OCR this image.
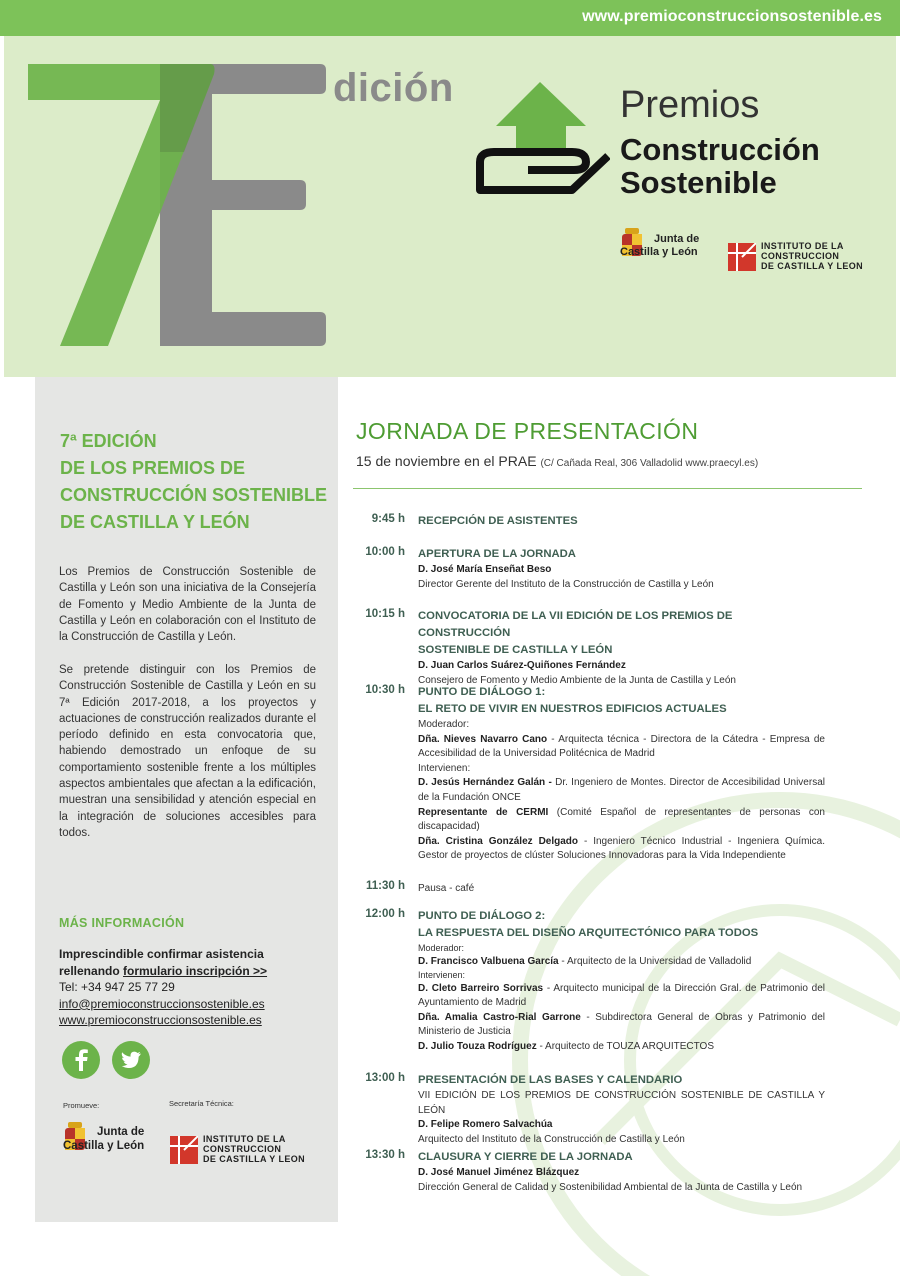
www.premioconstruccionsostenible.es
dición	Premios
Construcción
Sostenible
Junta de
Castilla y León	INSTITUTO DE LA
CONSTRUCCION
DE CASTILLA Y LEON
7ª EDICIÓN
DE LOS PREMIOS DE
CONSTRUCCIÓN SOSTENIBLE
DE CASTILLA Y LEÓN

Los Premios de Construcción Sostenible de Castilla y León son una iniciativa de la Consejería de Fomento y Medio Ambiente de la Junta de Castilla y León en colaboración con el Instituto de la Construcción de Castilla y León.

Se pretende distinguir con los Premios de Construcción Sostenible de Castilla y León en su 7ª Edición 2017-2018, a los proyectos y actuaciones de construcción realizados durante el período definido en esta convocatoria que, habiendo demostrado un enfoque de su comportamiento sostenible frente a los múltiples aspectos ambientales que afectan a la edificación, muestran una sensibilidad y atención especial en la integración de soluciones accesibles para todos.

MÁS INFORMACIÓN
Imprescindible confirmar asistencia
rellenando formulario inscripción >>
Tel: +34 947 25 77 29
info@premioconstruccionsostenible.es
www.premioconstruccionsostenible.es
Promueve:	Secretaría Técnica:
Junta de
Castilla y León
INSTITUTO DE LA
CONSTRUCCION
DE CASTILLA Y LEON
JORNADA DE PRESENTACIÓN
15 de noviembre en el PRAE (C/ Cañada Real, 306 Valladolid www.praecyl.es)
9:45 h RECEPCIÓN DE ASISTENTES
10:00 h APERTURA DE LA JORNADA
D. José María Enseñat Beso
Director Gerente del Instituto de la Construcción de Castilla y León
10:15 h CONVOCATORIA DE LA VII EDICIÓN DE LOS PREMIOS DE CONSTRUCCIÓN
SOSTENIBLE DE CASTILLA Y LEÓN
D. Juan Carlos Suárez-Quiñones Fernández
Consejero de Fomento y Medio Ambiente de la Junta de Castilla y León
10:30 h PUNTO DE DIÁLOGO 1:
EL RETO DE VIVIR EN NUESTROS EDIFICIOS ACTUALES
Moderador:
Dña. Nieves Navarro Cano - Arquitecta técnica - Directora de la Cátedra - Empresa de Accesibilidad de la Universidad Politécnica de Madrid
Intervienen:
D. Jesús Hernández Galán - Dr. Ingeniero de Montes. Director de Accesibilidad Universal de la Fundación ONCE
Representante de CERMI (Comité Español de representantes de personas con discapacidad)
Dña. Cristina González Delgado - Ingeniero Técnico Industrial - Ingeniera Química. Gestor de proyectos de clúster Soluciones Innovadoras para la Vida Independiente
11:30 h Pausa - café
12:00 h PUNTO DE DIÁLOGO 2:
LA RESPUESTA DEL DISEÑO ARQUITECTÓNICO PARA TODOS
Moderador:
D. Francisco Valbuena García - Arquitecto de la Universidad de Valladolid
Intervienen:
D. Cleto Barreiro Sorrivas - Arquitecto municipal de la Dirección Gral. de Patrimonio del Ayuntamiento de Madrid
Dña. Amalia Castro-Rial Garrone - Subdirectora General de Obras y Patrimonio del Ministerio de Justicia
D. Julio Touza Rodríguez - Arquitecto de TOUZA ARQUITECTOS
13:00 h PRESENTACIÓN DE LAS BASES Y CALENDARIO
VII EDICIÓN DE LOS PREMIOS DE CONSTRUCCIÓN SOSTENIBLE DE CASTILLA Y LEÓN
D. Felipe Romero Salvachúa
Arquitecto del Instituto de la Construcción de Castilla y León
13:30 h CLAUSURA Y CIERRE DE LA JORNADA
D. José Manuel Jiménez Blázquez
Dirección General de Calidad y Sostenibilidad Ambiental de la Junta de Castilla y León
